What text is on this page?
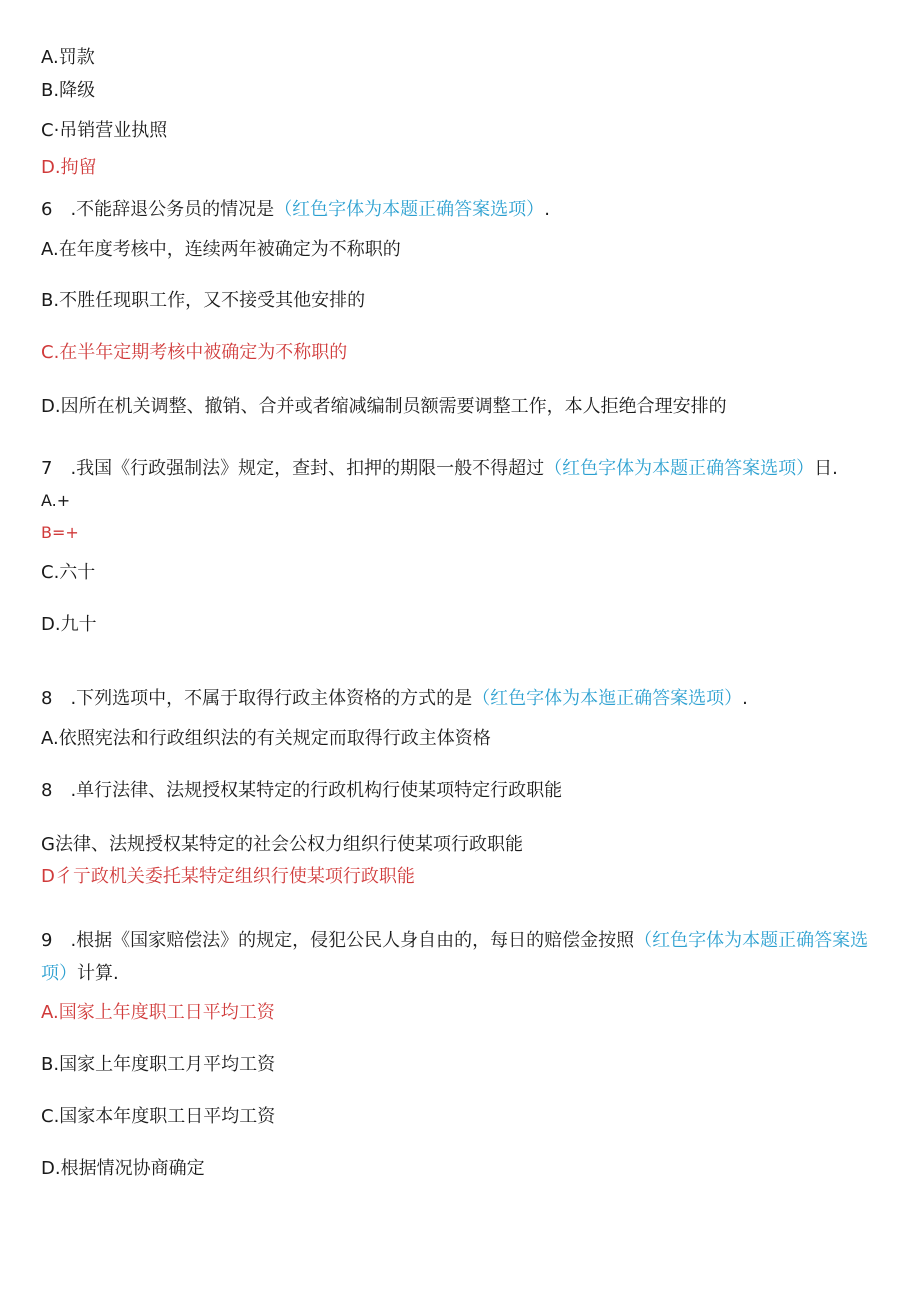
A.罚款
B.降级
C·吊销营业执照
D.拘留
6　.不能辞退公务员的情况是（红色字体为本题正确答案选项）.
A.在年度考核中，连续两年被确定为不称职的
B.不胜任现职工作，又不接受其他安排的
C.在半年定期考核中被确定为不称职的
D.因所在机关调整、撤销、合并或者缩减编制员额需要调整工作，本人拒绝合理安排的
7　.我国《行政强制法》规定，查封、扣押的期限一般不得超过（红色字体为本题正确答案选项）日.
A.+
B=+
C.六十
D.九十
8　.下列选项中，不属于取得行政主体资格的方式的是（红色字体为本迤正确答案选项）.
A.依照宪法和行政组织法的有关规定而取得行政主体资格
8　.单行法律、法规授权某特定的行政机构行使某项特定行政职能
G法律、法规授权某特定的社会公权力组织行使某项行政职能
D彳亍政机关委托某特定组织行使某项行政职能
9　.根据《国家赔偿法》的规定，侵犯公民人身自由的，每日的赔偿金按照（红色字体为本题正确答案选项）计算.
A.国家上年度职工日平均工资
B.国家上年度职工月平均工资
C.国家本年度职工日平均工资
D.根据情况协商确定
